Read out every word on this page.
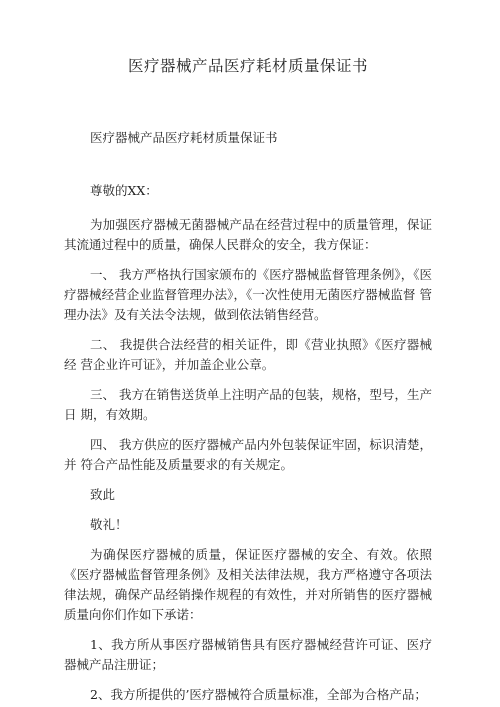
医疗器械产品医疗耗材质量保证书
医疗器械产品医疗耗材质量保证书

尊敬的XX：

为加强医疗器械无菌器械产品在经营过程中的质量管理，保证其流通过程中的质量，确保人民群众的安全，我方保证：

一、 我方严格执行国家颁布的《医疗器械监督管理条例》，《医 疗器械经营企业监督管理办法》，《一次性使用无菌医疗器械监督 管理办法》及有关法令法规，做到依法销售经营。

二、 我提供合法经营的相关证件，即《营业执照》《医疗器械经 营企业许可证》，并加盖企业公章。

三、 我方在销售送货单上注明产品的包装，规格，型号，生产日 期，有效期。

四、 我方供应的医疗器械产品内外包装保证牢固，标识清楚，并 符合产品性能及质量要求的有关规定。

致此

敬礼！

为确保医疗器械的质量，保证医疗器械的安全、有效。依照《医疗器械监督管理条例》及相关法律法规，我方严格遵守各项法律法规，确保产品经销操作规程的有效性，并对所销售的医疗器械质量向你们作如下承诺：

1、我方所从事医疗器械销售具有医疗器械经营许可证、医疗器械产品注册证；

2、我方所提供的’医疗器械符合质量标准，全部为合格产品；
